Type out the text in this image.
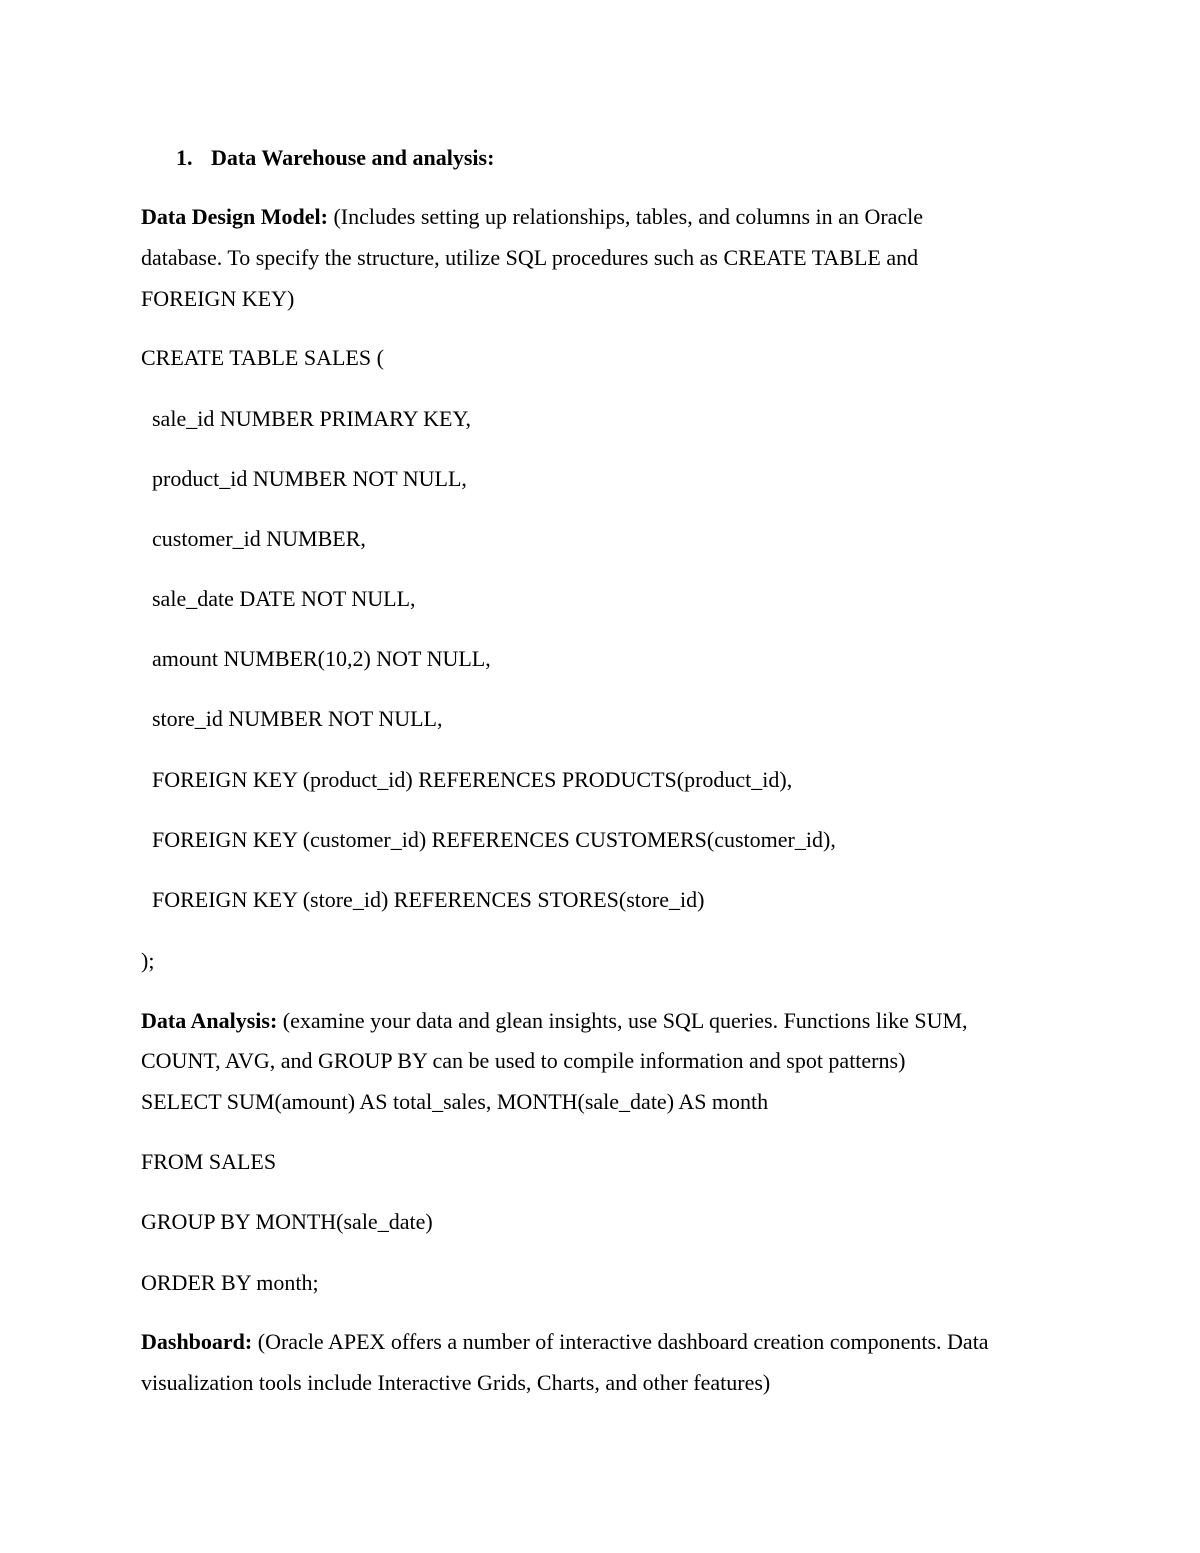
1. Data Warehouse and analysis:
Data Design Model: (Includes setting up relationships, tables, and columns in an Oracle
database. To specify the structure, utilize SQL procedures such as CREATE TABLE and
FOREIGN KEY)
CREATE TABLE SALES (
sale_id NUMBER PRIMARY KEY,
product_id NUMBER NOT NULL,
customer_id NUMBER,
sale_date DATE NOT NULL,
amount NUMBER(10,2) NOT NULL,
store_id NUMBER NOT NULL,
FOREIGN KEY (product_id) REFERENCES PRODUCTS(product_id),
FOREIGN KEY (customer_id) REFERENCES CUSTOMERS(customer_id),
FOREIGN KEY (store_id) REFERENCES STORES(store_id)
);
Data Analysis: (examine your data and glean insights, use SQL queries. Functions like SUM,
COUNT, AVG, and GROUP BY can be used to compile information and spot patterns)
SELECT SUM(amount) AS total_sales, MONTH(sale_date) AS month
FROM SALES
GROUP BY MONTH(sale_date)
ORDER BY month;
Dashboard: (Oracle APEX offers a number of interactive dashboard creation components. Data
visualization tools include Interactive Grids, Charts, and other features)
